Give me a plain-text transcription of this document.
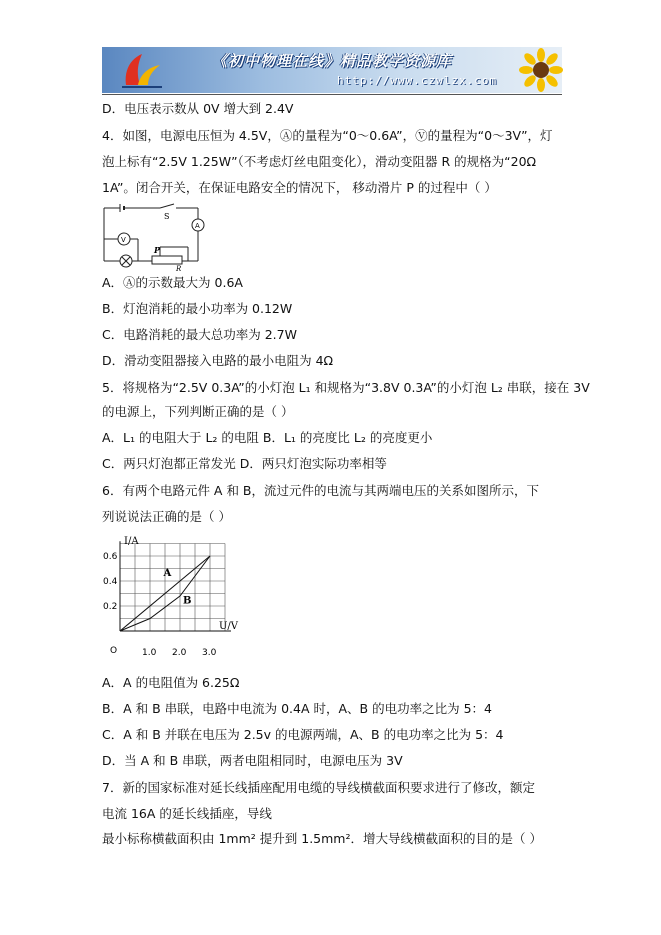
《初中物理在线》精品教学资源库
http://www.czwlzx.com
D．电压表示数从 0V 增大到 2.4V
4．如图，电源电压恒为 4.5V，Ⓐ的量程为“0～0.6A”，Ⓥ的量程为“0～3V”，灯
泡上标有“2.5V 1.25W”（不考虑灯丝电阻变化），滑动变阻器 R 的规格为“20Ω
1A”。闭合开关，在保证电路安全的情况下， 移动滑片 P 的过程中（ ）
S
A
V
P
R
A．Ⓐ的示数最大为 0.6A
B．灯泡消耗的最小功率为 0.12W
C．电路消耗的最大总功率为 2.7W
D．滑动变阻器接入电路的最小电阻为 4Ω
5．将规格为“2.5V 0.3A”的小灯泡 L₁ 和规格为“3.8V 0.3A”的小灯泡 L₂ 串联，接在 3V
的电源上，下列判断正确的是（ ）
A．L₁ 的电阻大于 L₂ 的电阻 B．L₁ 的亮度比 L₂ 的亮度更小
C．两只灯泡都正常发光 D．两只灯泡实际功率相等
6．有两个电路元件 A 和 B，流过元件的电流与其两端电压的关系如图所示，下
列说说法正确的是（ ）
A
B
1.0 2.0 3.0
0.2
0.4
0.6
O
I/A
U/V
A．A 的电阻值为 6.25Ω
B．A 和 B 串联，电路中电流为 0.4A 时，A、B 的电功率之比为 5：4
C．A 和 B 并联在电压为 2.5v 的电源两端，A、B 的电功率之比为 5：4
D．当 A 和 B 串联，两者电阻相同时，电源电压为 3V
7．新的国家标准对延长线插座配用电缆的导线横截面积要求进行了修改，额定
电流 16A 的延长线插座，导线
最小标称横截面积由 1mm² 提升到 1.5mm²．增大导线横截面积的目的是（ ）
